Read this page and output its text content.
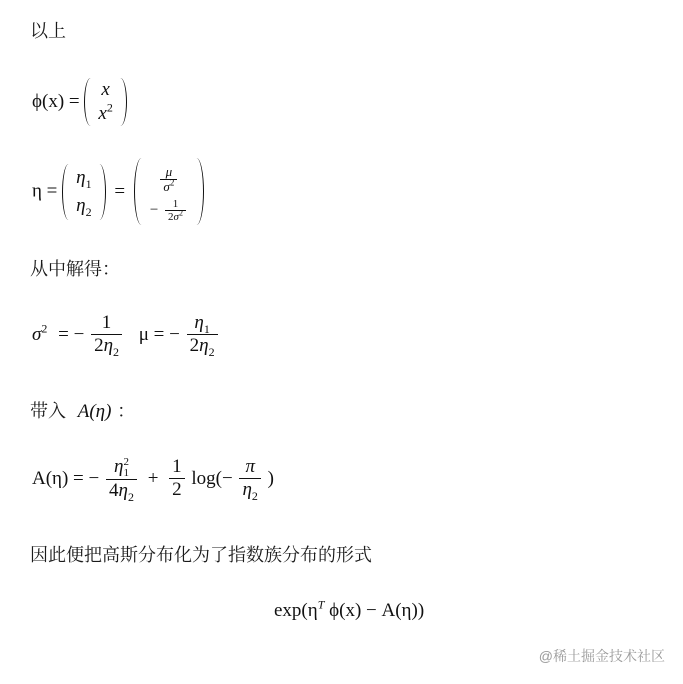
以上
ϕ(x) =
x
$x^2$
η =
$\eta_1$
$\eta_2$
=	$\frac{\mu}{\sigma^2}$
− $\frac{1}{2\sigma^2}$
从中解得：
$\sigma^2$ = − $\frac{1}{2\eta_2}$ μ = − $\frac{\eta_1}{2\eta_2}$
带入 A(η) ：
A(η) = − η 2
1
$4\eta_2 + \frac{1}{2} \log(- \frac{\pi}{\eta_2}$ )
因此便把高斯分布化为了指数族分布的形式
$\exp(\eta^T$ ϕ(x) − A(η))
@稀土掘金技术社区
